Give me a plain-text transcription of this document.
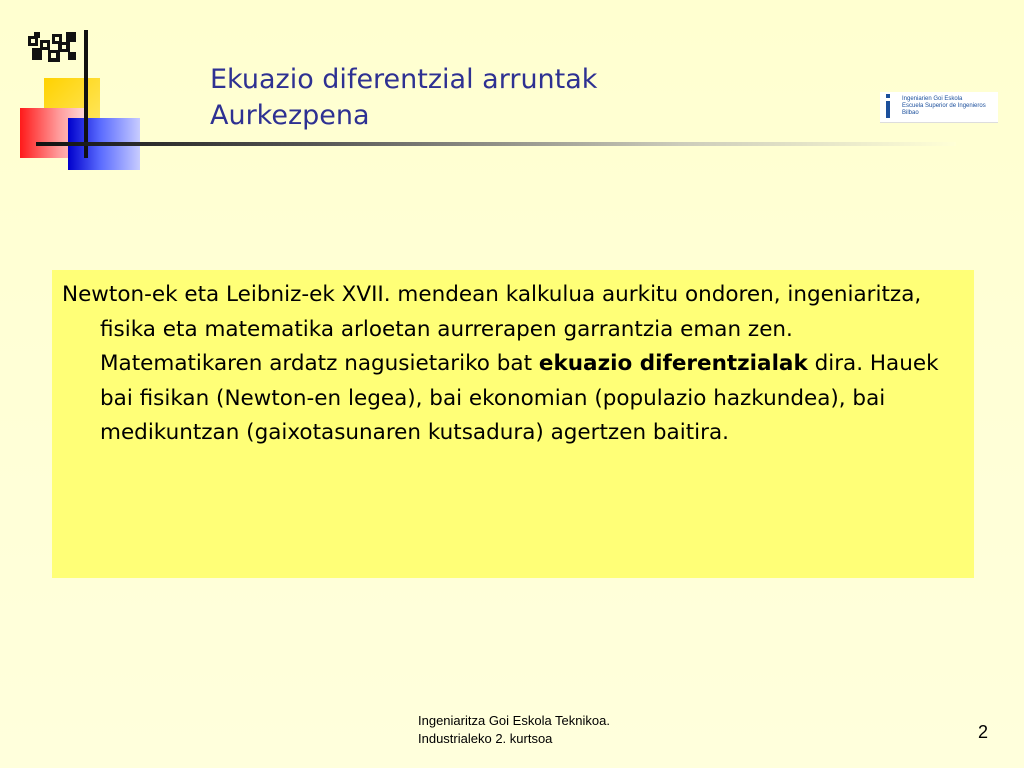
Ekuazio diferentzial arruntak
Aurkezpena
Ingeniarien Goi Eskola
Escuela Superior de Ingenieros
Bilbao

Newton-ek eta Leibniz-ek XVII. mendean kalkulua aurkitu ondoren, ingeniaritza, fisika eta matematika arloetan aurrerapen garrantzia eman zen. Matematikaren ardatz nagusietariko bat ekuazio diferentzialak dira. Hauek bai fisikan (Newton-en legea), bai ekonomian (populazio hazkundea), bai medikuntzan (gaixotasunaren kutsadura) agertzen baitira.

Ingeniaritza Goi Eskola Teknikoa.
Industrialeko 2. kurtsoa	2
